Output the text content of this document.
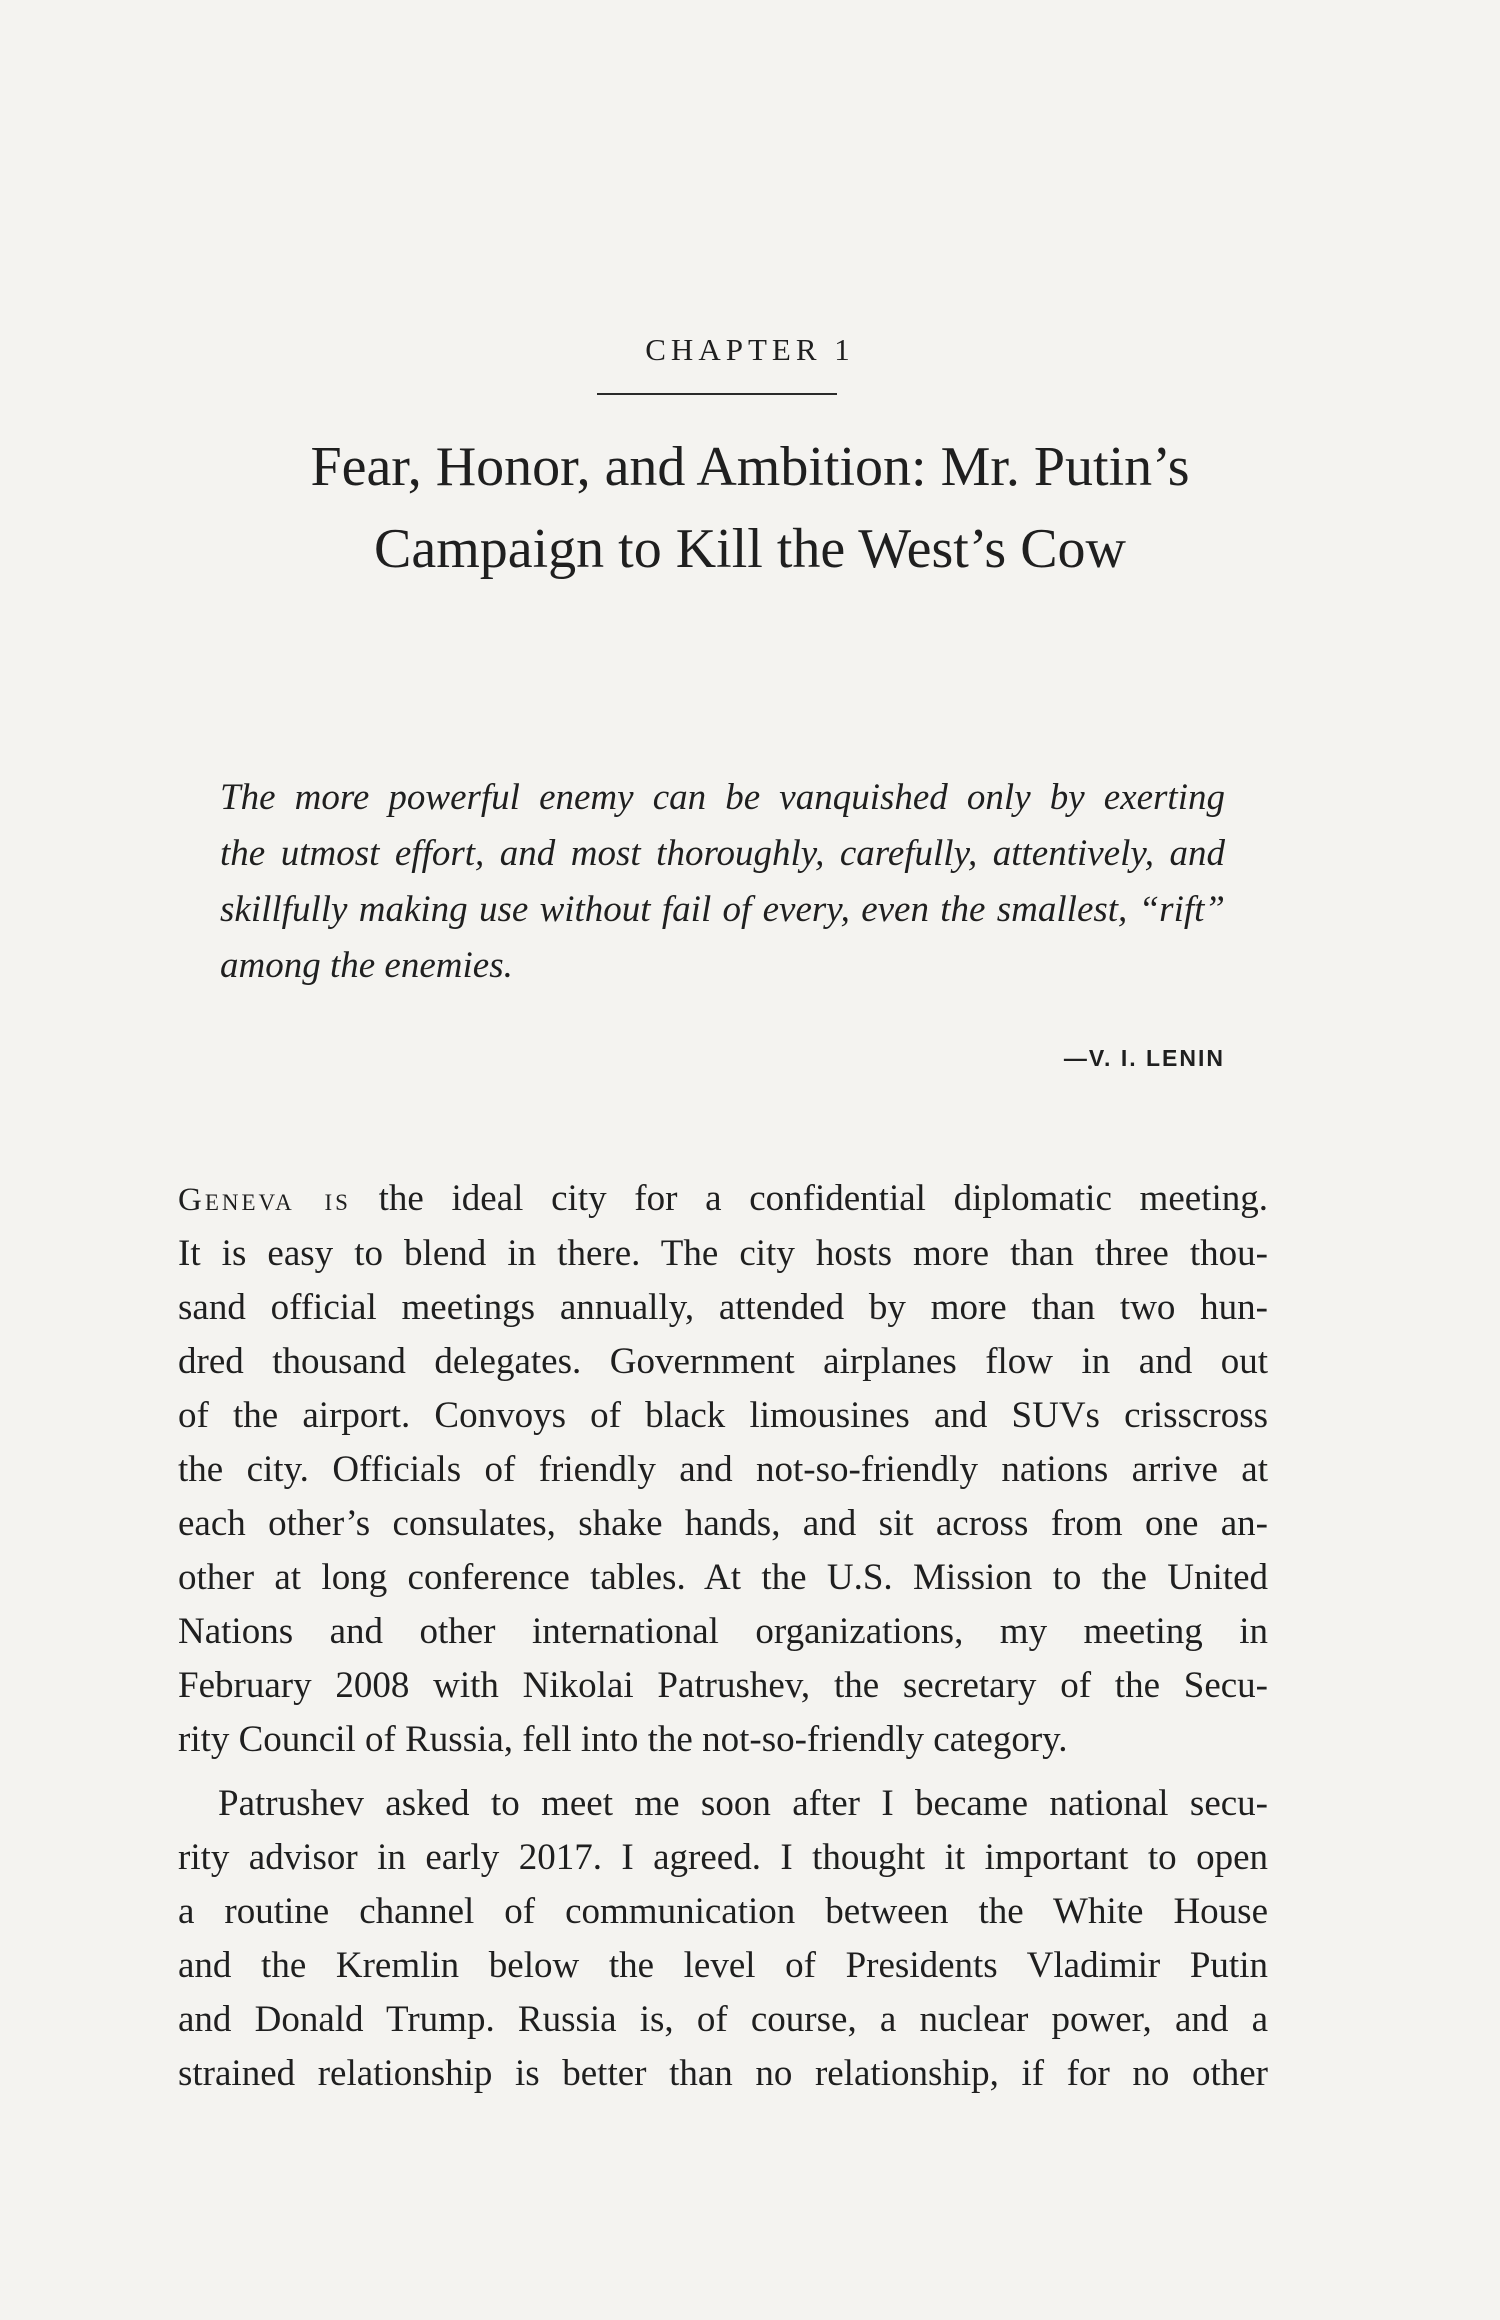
CHAPTER 1
Fear, Honor, and Ambition: Mr. Putin’s
Campaign to Kill the West’s Cow

The more powerful enemy can be vanquished only by exerting
the utmost effort, and most thoroughly, carefully, attentively, and
skillfully making use without fail of every, even the smallest, “rift”
among the enemies.

—V. I. LENIN
Geneva is the ideal city for a confidential diplomatic meeting.
It is easy to blend in there. The city hosts more than three thou-
sand official meetings annually, attended by more than two hun-
dred thousand delegates. Government airplanes flow in and out
of the airport. Convoys of black limousines and SUVs crisscross
the city. Officials of friendly and not-so-friendly nations arrive at
each other’s consulates, shake hands, and sit across from one an-
other at long conference tables. At the U.S. Mission to the United
Nations and other international organizations, my meeting in
February 2008 with Nikolai Patrushev, the secretary of the Secu-
rity Council of Russia, fell into the not-so-friendly category.
Patrushev asked to meet me soon after I became national secu-
rity advisor in early 2017. I agreed. I thought it important to open
a routine channel of communication between the White House
and the Kremlin below the level of Presidents Vladimir Putin
and Donald Trump. Russia is, of course, a nuclear power, and a
strained relationship is better than no relationship, if for no other
